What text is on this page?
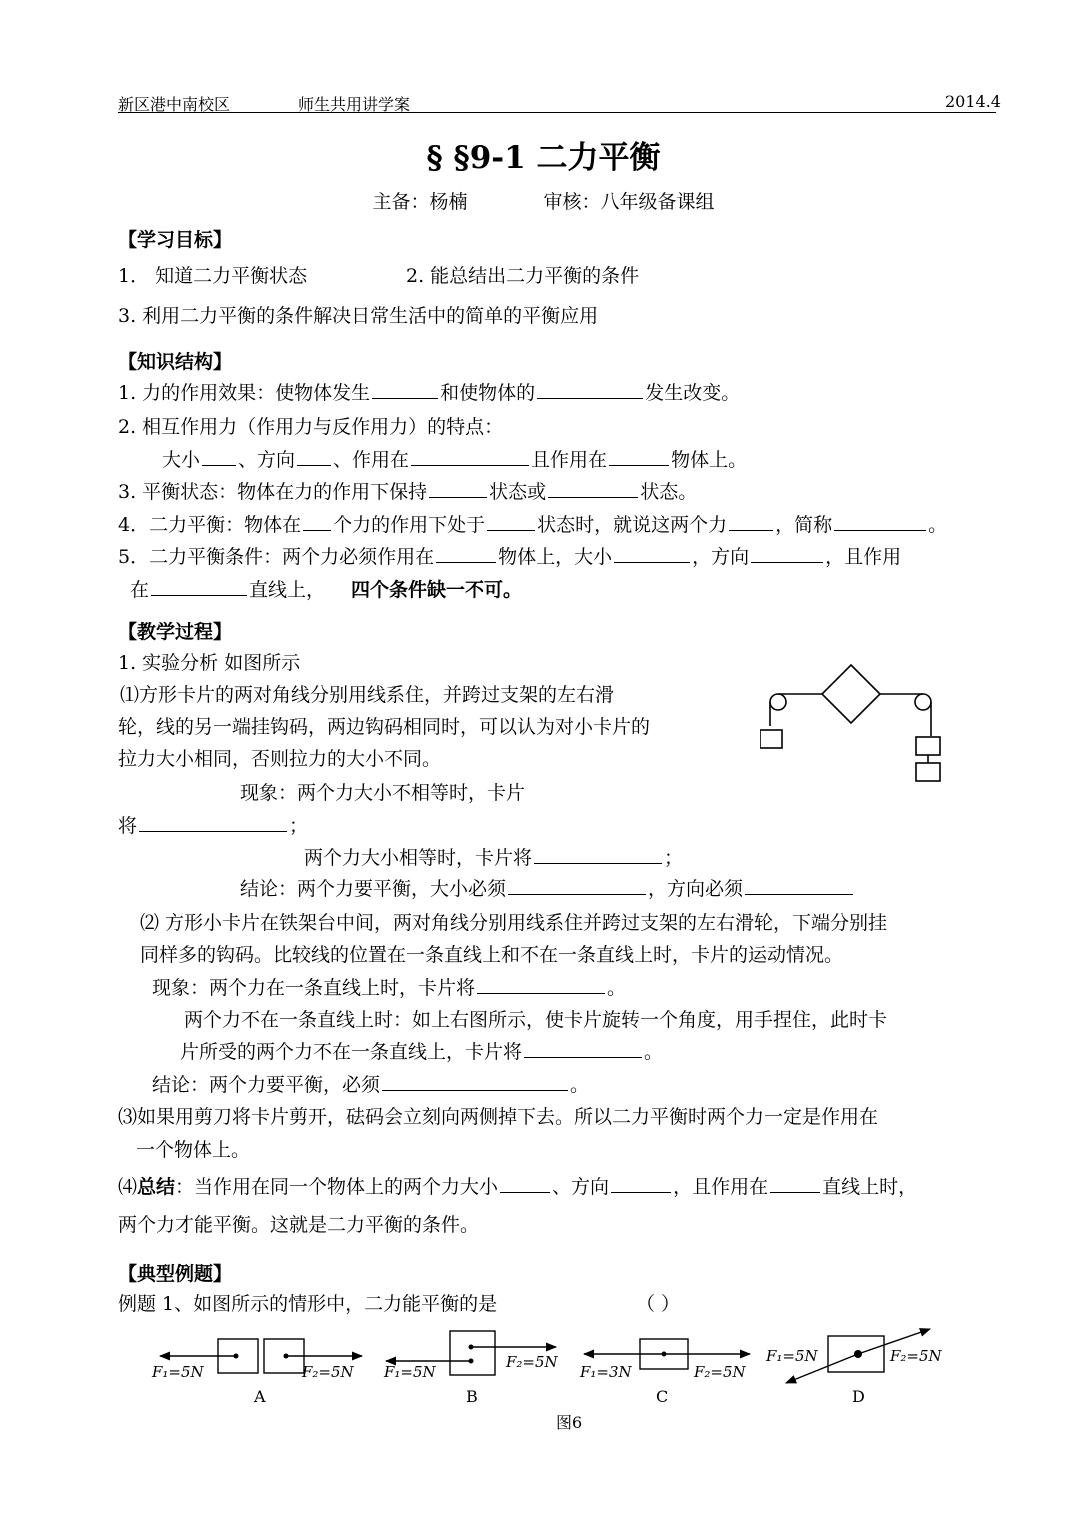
新区港中南校区	师生共用讲学案	2014.4
§ §9-1 二力平衡
主备：杨楠	审核：八年级备课组
【学习目标】
1． 知道二力平衡状态	2. 能总结出二力平衡的条件
3. 利用二力平衡的条件解决日常生活中的简单的平衡应用
【知识结构】
1. 力的作用效果：使物体发生	和使物体的	发生改变。
2. 相互作用力（作用力与反作用力）的特点：
大小 、方向 、作用在	且作用在	物体上。
3. 平衡状态：物体在力的作用下保持	状态或	状态。
4．二力平衡：物体在 个力的作用下处于	状态时，就说这两个力	，简称	。
5．二力平衡条件：两个力必须作用在	物体上，大小	，方向	，且作用
在	直线上， 四个条件缺一不可。
【教学过程】
1. 实验分析 如图所示
⑴方形卡片的两对角线分别用线系住，并跨过支架的左右滑
轮，线的另一端挂钩码，两边钩码相同时，可以认为对小卡片的
拉力大小相同，否则拉力的大小不同。
现象：两个力大小不相等时，卡片
将	；
两个力大小相等时，卡片将	；
结论：两个力要平衡，大小必须	，方向必须
⑵ 方形小卡片在铁架台中间，两对角线分别用线系住并跨过支架的左右滑轮，下端分别挂
同样多的钩码。比较线的位置在一条直线上和不在一条直线上时，卡片的运动情况。
现象：两个力在一条直线上时，卡片将	。
两个力不在一条直线上时：如上右图所示，使卡片旋转一个角度，用手捏住，此时卡
片所受的两个力不在一条直线上，卡片将	。
结论：两个力要平衡，必须	。
⑶如果用剪刀将卡片剪开，砝码会立刻向两侧掉下去。所以二力平衡时两个力一定是作用在
一个物体上。
⑷总结：当作用在同一个物体上的两个力大小	、方向	，且作用在	直线上时，
两个力才能平衡。这就是二力平衡的条件。
【典型例题】
例题 1、如图所示的情形中，二力能平衡的是	（ ）
F₁=5N	F₂=5N F₁=5N
F₂=5N
F₁=3N	F₂=5N
F₁=5N	F₂=5N
A	B	C	D
图6
